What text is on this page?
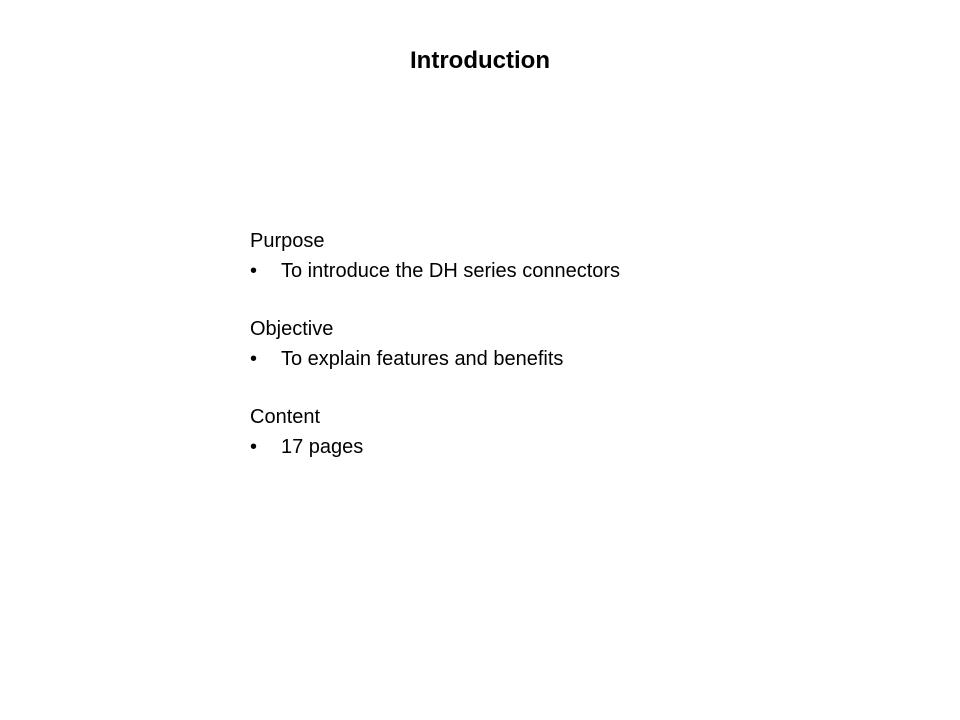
Introduction
Purpose
•	To introduce the DH series connectors
Objective
•	To explain features and benefits
Content
•	17 pages
